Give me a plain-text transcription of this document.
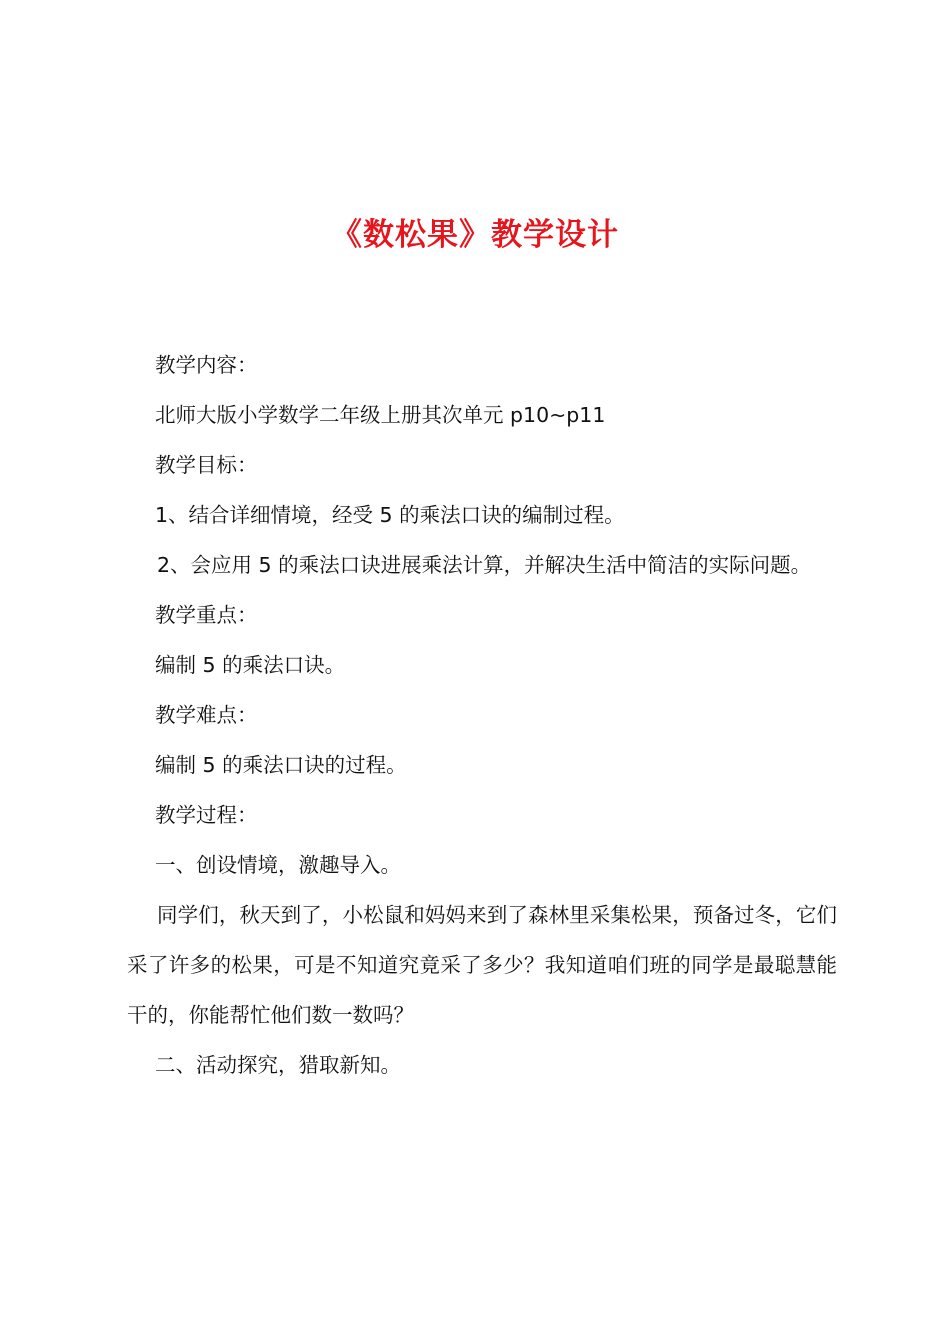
《数松果》教学设计

教学内容：

北师大版小学数学二年级上册其次单元 p10~p11

教学目标：

1、结合详细情境，经受 5 的乘法口诀的编制过程。

2、会应用 5 的乘法口诀进展乘法计算，并解决生活中简洁的实际问题。

教学重点：

编制 5 的乘法口诀。

教学难点：

编制 5 的乘法口诀的过程。

教学过程：

一、创设情境，激趣导入。

同学们，秋天到了，小松鼠和妈妈来到了森林里采集松果，预备过冬，它们采了许多的松果，可是不知道究竟采了多少？我知道咱们班的同学是最聪慧能干的，你能帮忙他们数一数吗？

二、活动探究，猎取新知。
